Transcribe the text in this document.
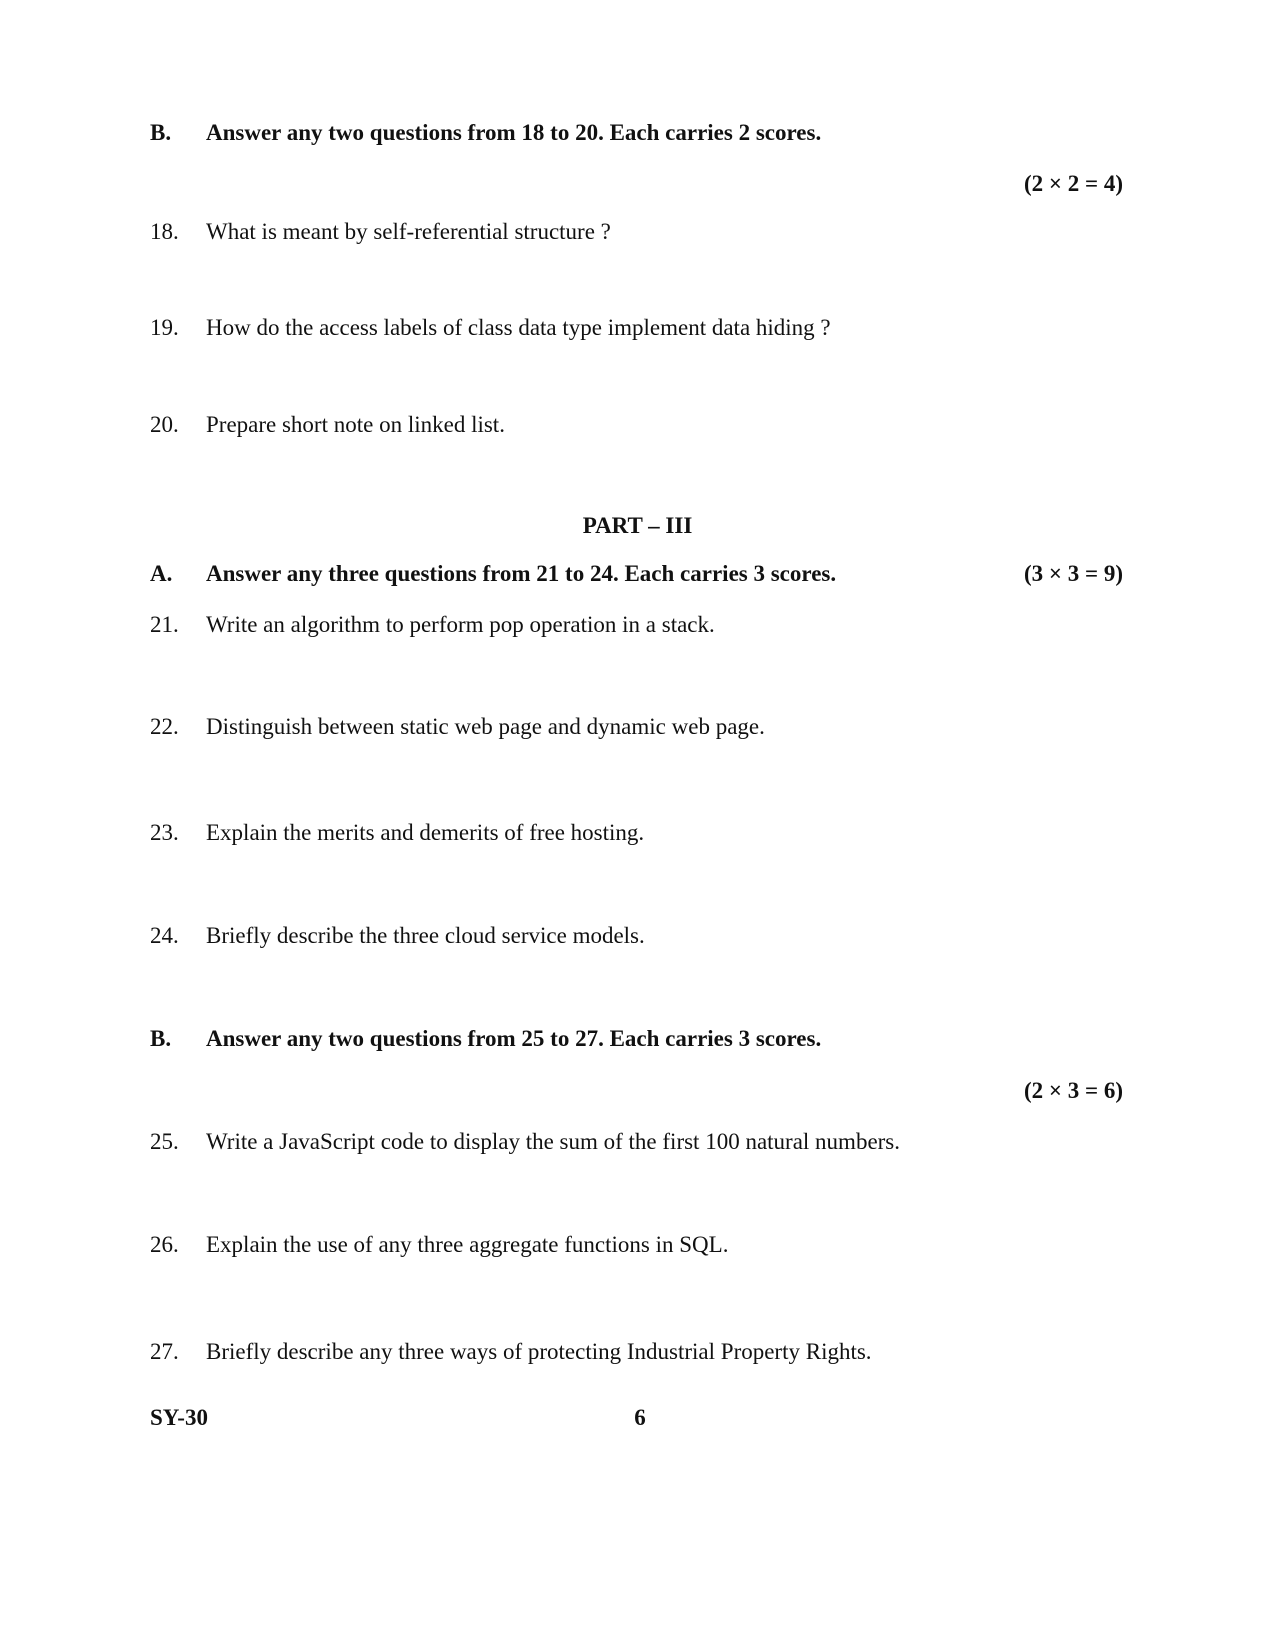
B. Answer any two questions from 18 to 20. Each carries 2 scores.
(2 × 2 = 4)
18. What is meant by self-referential structure ?
19. How do the access labels of class data type implement data hiding ?
20. Prepare short note on linked list.
PART – III
A. Answer any three questions from 21 to 24. Each carries 3 scores.	(3 × 3 = 9)
21. Write an algorithm to perform pop operation in a stack.
22. Distinguish between static web page and dynamic web page.
23. Explain the merits and demerits of free hosting.
24. Briefly describe the three cloud service models.
B. Answer any two questions from 25 to 27. Each carries 3 scores.
(2 × 3 = 6)
25. Write a JavaScript code to display the sum of the first 100 natural numbers.
26. Explain the use of any three aggregate functions in SQL.
27. Briefly describe any three ways of protecting Industrial Property Rights.
SY-30	6
